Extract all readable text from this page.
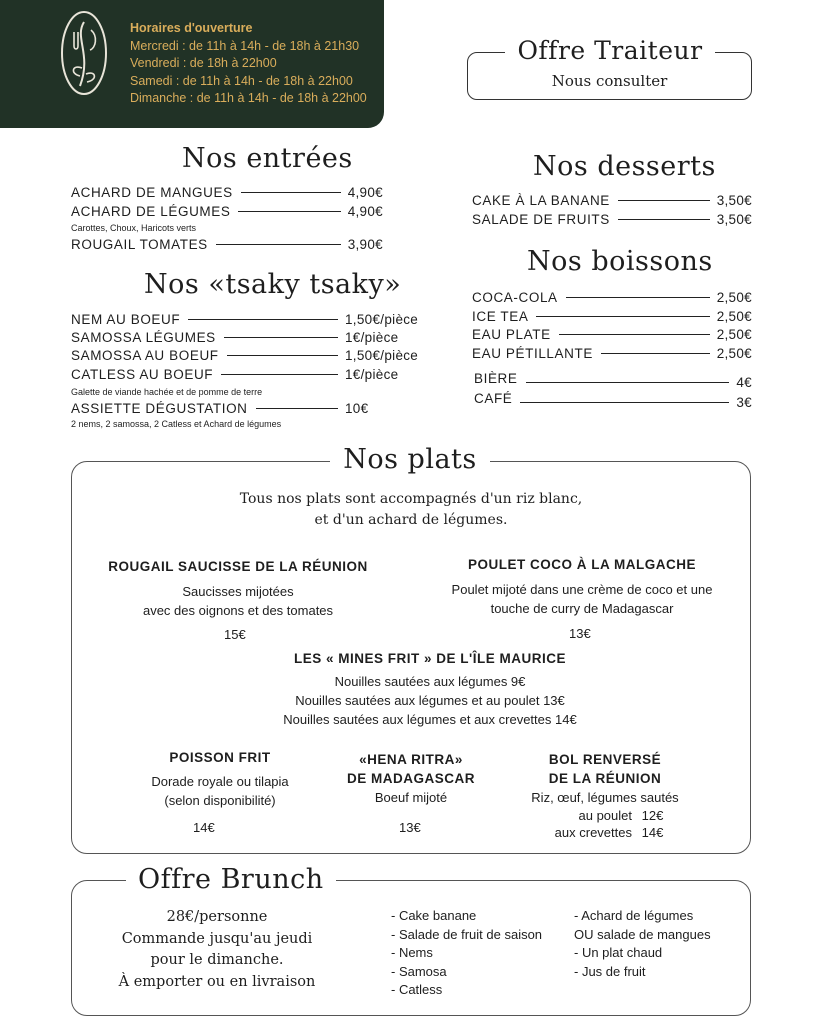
Horaires d'ouverture
Mercredi : de 11h à 14h - de 18h à 21h30
Vendredi : de 18h à 22h00
Samedi : de 11h à 14h - de 18h à 22h00
Dimanche : de 11h à 14h - de 18h à 22h00
Offre Traiteur
Nous consulter
Nos entrées
ACHARD DE MANGUES	4,90€
ACHARD DE LÉGUMES	4,90€
Carottes, Choux, Haricots verts
ROUGAIL TOMATES	3,90€
Nos «tsaky tsaky»
NEM AU BOEUF	1,50€/pièce
SAMOSSA LÉGUMES	1€/pièce
SAMOSSA AU BOEUF	1,50€/pièce
CATLESS AU BOEUF	1€/pièce
Galette de viande hachée et de pomme de terre
ASSIETTE DÉGUSTATION	10€
2 nems, 2 samossa, 2 Catless et Achard de légumes
Nos desserts
CAKE À LA BANANE	3,50€
SALADE DE FRUITS	3,50€
Nos boissons
COCA-COLA	2,50€
ICE TEA	2,50€
EAU PLATE	2,50€
EAU PÉTILLANTE	2,50€
BIÈRE	4€
CAFÉ	3€
Nos plats
Tous nos plats sont accompagnés d'un riz blanc,
et d'un achard de légumes.
ROUGAIL SAUCISSE DE LA RÉUNION
Saucisses mijotées
avec des oignons et des tomates
15€
POULET COCO À LA MALGACHE
Poulet mijoté dans une crème de coco et une
touche de curry de Madagascar
13€
LES « MINES FRIT » DE L'ÎLE MAURICE
Nouilles sautées aux légumes 9€
Nouilles sautées aux légumes et au poulet 13€
Nouilles sautées aux légumes et aux crevettes 14€
POISSON FRIT
Dorade royale ou tilapia
(selon disponibilité)
14€
«HENA RITRA»
DE MADAGASCAR
Boeuf mijoté
13€
BOL RENVERSÉ
DE LA RÉUNION
Riz, œuf, légumes sautés
au poulet 12€
aux crevettes 14€
Offre Brunch
28€/personne
Commande jusqu'au jeudi
pour le dimanche.
À emporter ou en livraison
- Cake banane
- Salade de fruit de saison
- Nems
- Samosa
- Catless
- Achard de légumes
OU salade de mangues
- Un plat chaud
- Jus de fruit
